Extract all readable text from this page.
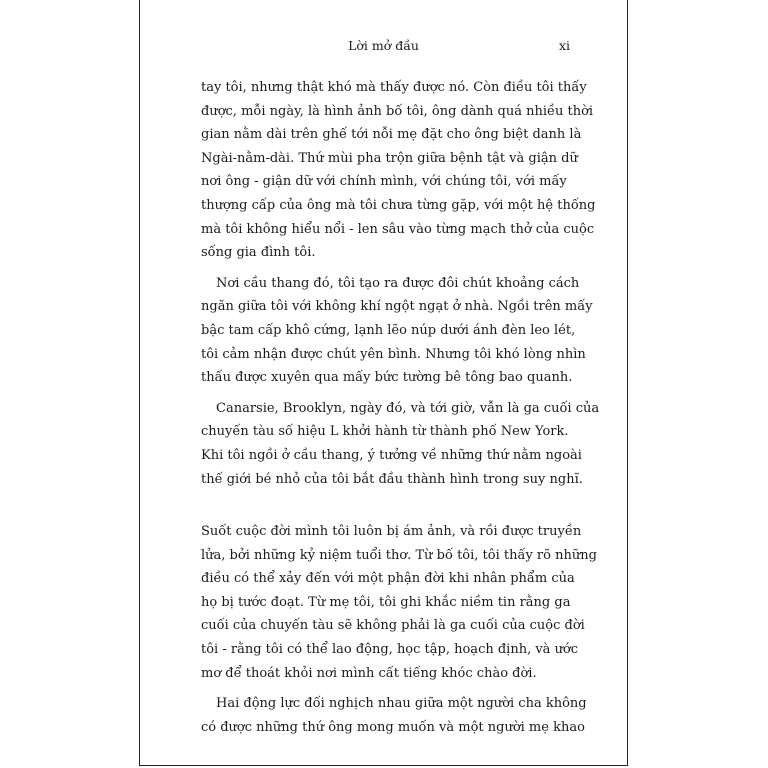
Lời mở đầu	xi
tay tôi, nhưng thật khó mà thấy được nó. Còn điều tôi thấy
được, mỗi ngày, là hình ảnh bố tôi, ông dành quá nhiều thời
gian nằm dài trên ghế tới nỗi mẹ đặt cho ông biệt danh là
Ngài-nằm-dài. Thứ mùi pha trộn giữa bệnh tật và giận dữ
nơi ông - giận dữ với chính mình, với chúng tôi, với mấy
thượng cấp của ông mà tôi chưa từng gặp, với một hệ thống
mà tôi không hiểu nổi - len sâu vào từng mạch thở của cuộc
sống gia đình tôi.
Nơi cầu thang đó, tôi tạo ra được đôi chút khoảng cách
ngăn giữa tôi với không khí ngột ngạt ở nhà. Ngồi trên mấy
bậc tam cấp khô cứng, lạnh lẽo núp dưới ánh đèn leo lét,
tôi cảm nhận được chút yên bình. Nhưng tôi khó lòng nhìn
thấu được xuyên qua mấy bức tường bê tông bao quanh.
Canarsie, Brooklyn, ngày đó, và tới giờ, vẫn là ga cuối của
chuyến tàu số hiệu L khởi hành từ thành phố New York.
Khi tôi ngồi ở cầu thang, ý tưởng về những thứ nằm ngoài
thế giới bé nhỏ của tôi bắt đầu thành hình trong suy nghĩ.
Suốt cuộc đời mình tôi luôn bị ám ảnh, và rồi được truyền
lửa, bởi những kỷ niệm tuổi thơ. Từ bố tôi, tôi thấy rõ những
điều có thể xảy đến với một phận đời khi nhân phẩm của
họ bị tước đoạt. Từ mẹ tôi, tôi ghi khắc niềm tin rằng ga
cuối của chuyến tàu sẽ không phải là ga cuối của cuộc đời
tôi - rằng tôi có thể lao động, học tập, hoạch định, và ước
mơ để thoát khỏi nơi mình cất tiếng khóc chào đời.
Hai động lực đối nghịch nhau giữa một người cha không
có được những thứ ông mong muốn và một người mẹ khao
